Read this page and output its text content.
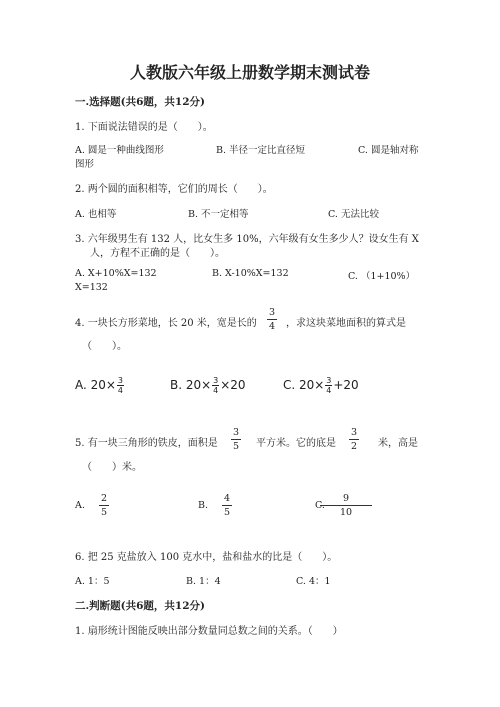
人教版六年级上册数学期末测试卷
一.选择题(共6题，共12分)
1. 下面说法错误的是（　　）。
A. 圆是一种曲线图形	B. 半径一定比直径短	C. 圆是轴对称
图形
2. 两个圆的面积相等，它们的周长（　　）。
A. 也相等	B. 不一定相等	C. 无法比较
3. 六年级男生有 132 人，比女生多 10%，六年级有女生多少人？设女生有 X
人，方程不正确的是（　　）。
A. X+10%X=132	B. X-10%X=132	C. （1+10%）
X=132
4. 一块长方形菜地，长 20 米，宽是长的
3
4 ，求这块菜地面积的算式是
（　　）。
A. $20\times \frac{3}{4}$	B. $20\times \frac{3}{4} \times 20$	C. $20\times \frac{3}{4} +20$
5. 有一块三角形的铁皮，面积是
3
5 平方米。它的底是
3
2 米，高是
（　　）米。
A.
2
5
B.
4
5
C.
9
10
6. 把 25 克盐放入 100 克水中，盐和盐水的比是（　　）。
A. 1：5	B. 1：4	C. 4：1
二.判断题(共6题，共12分)
1. 扇形统计图能反映出部分数量同总数之间的关系。（　　）
